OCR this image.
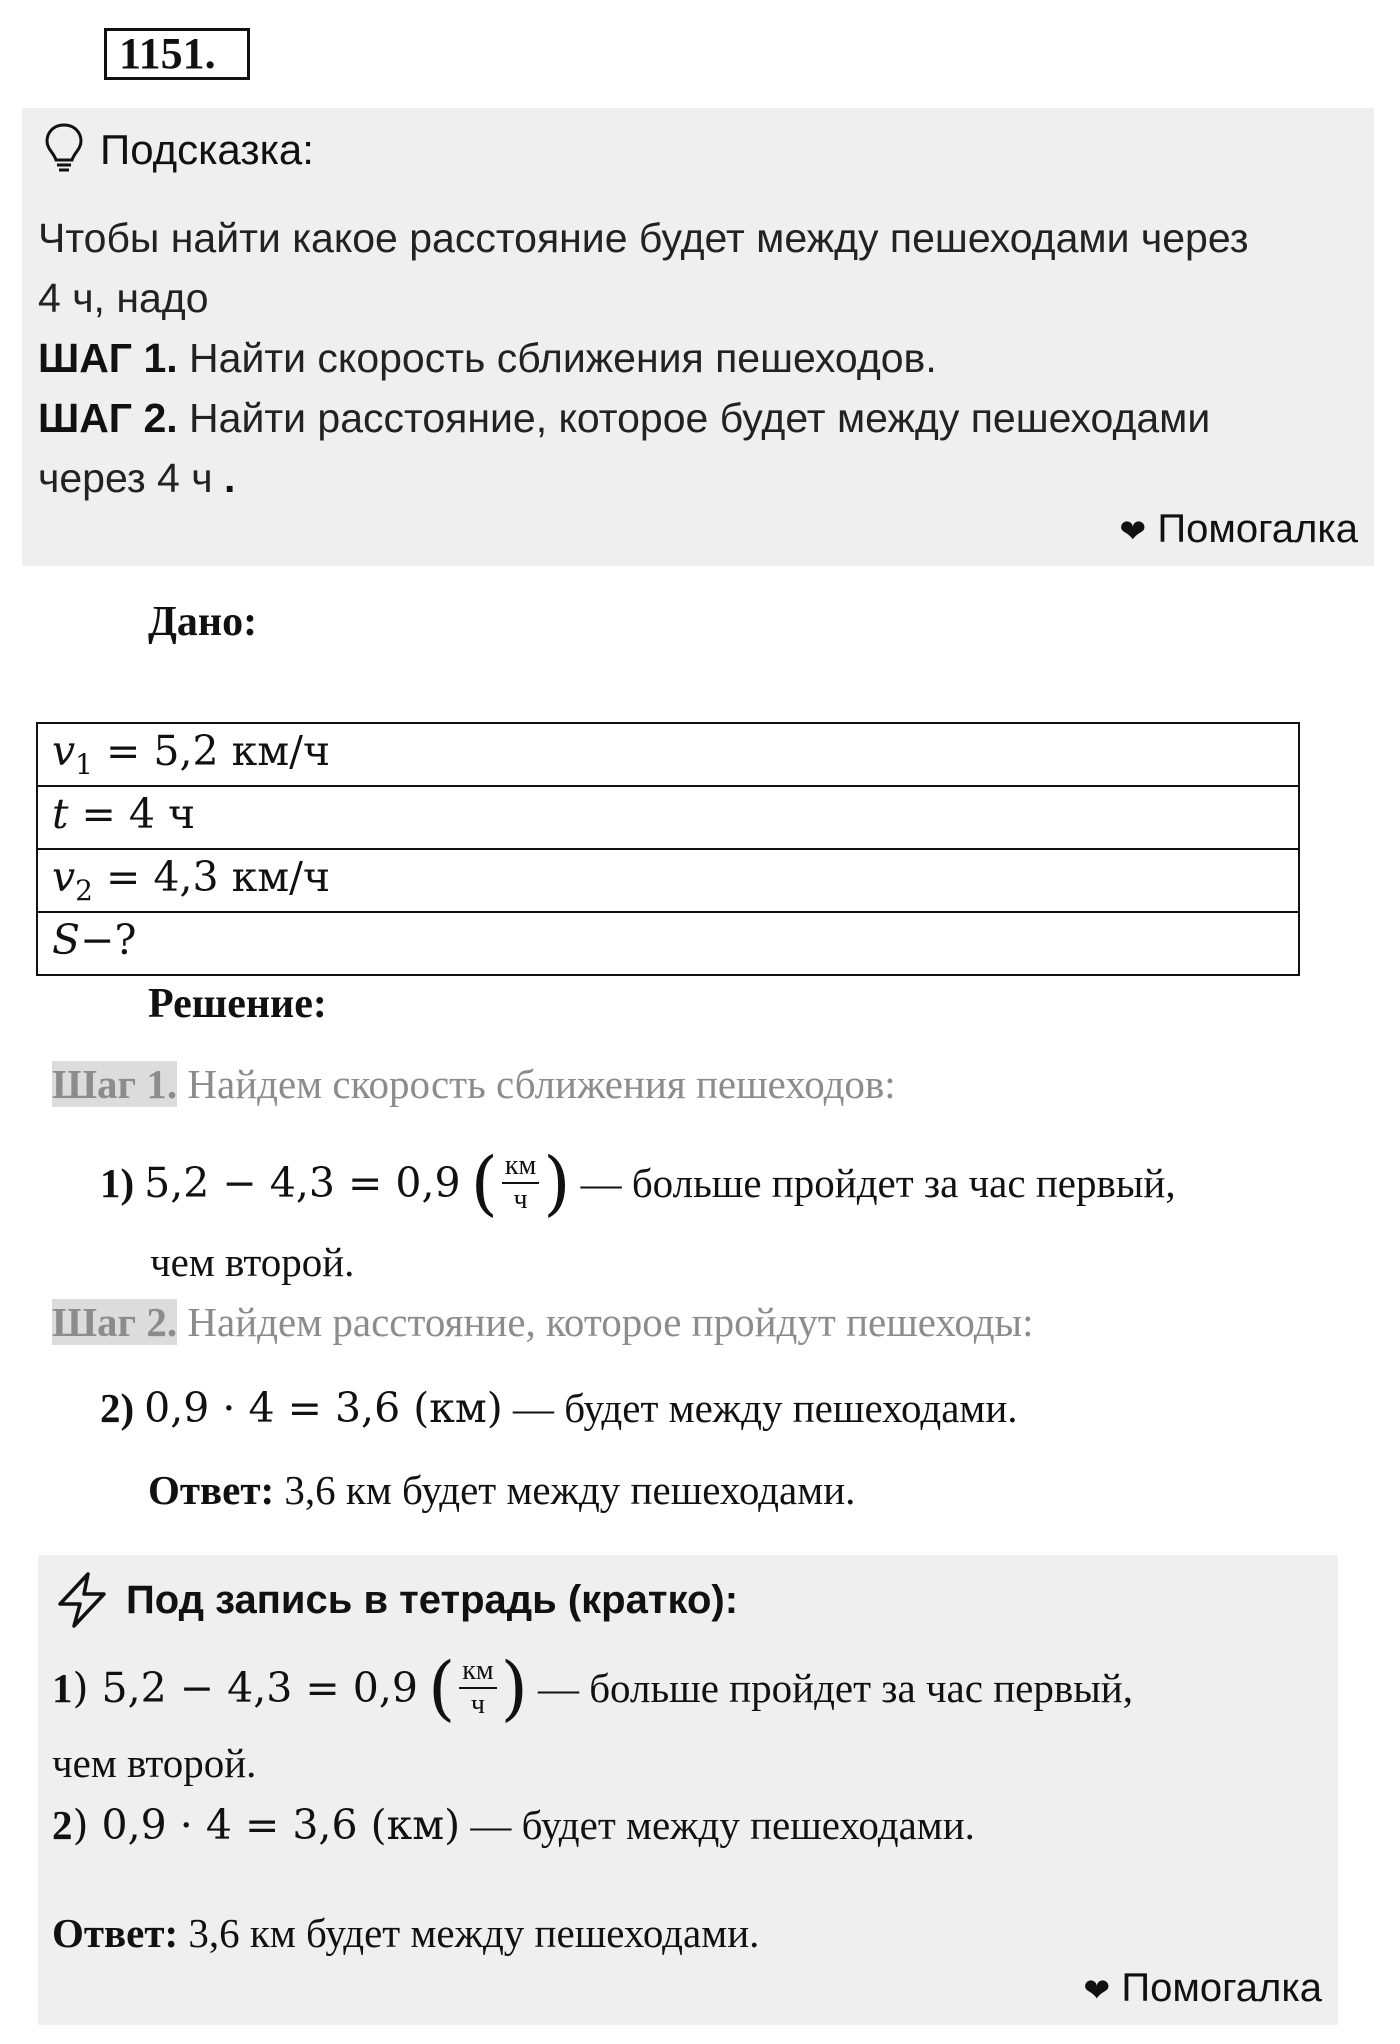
1151.
Подсказка:
Чтобы найти какое расстояние будет между пешеходами через
4 ч, надо
ШАГ 1. Найти скорость сближения пешеходов.
ШАГ 2. Найти расстояние, которое будет между пешеходами
через 4 ч .
❤ Помогалка
Дано:
$v_1 = 5,2$ км/ч
t = 4 ч
$v_2 = 4,3$ км/ч
S−?
Решение:
Шаг 1. Найдем скорость сближения пешеходов:
1) 5,2 − 4,3 = 0,9 ( $\frac{км}{ч}$ ) — больше пройдет за час первый,
чем второй.
Шаг 2. Найдем расстояние, которое пройдут пешеходы:
2) 0,9 · 4 = 3,6 (км) — будет между пешеходами.
Ответ: 3,6 км будет между пешеходами.
Под запись в тетрадь (кратко):
1 ) 5,2 − 4,3 = 0,9 ( $\frac{км}{ч}$ ) — больше пройдет за час первый,
чем второй.
2) 0,9 · 4 = 3,6 (км) — будет между пешеходами.
Ответ: 3,6 км будет между пешеходами.
❤ Помогалка
